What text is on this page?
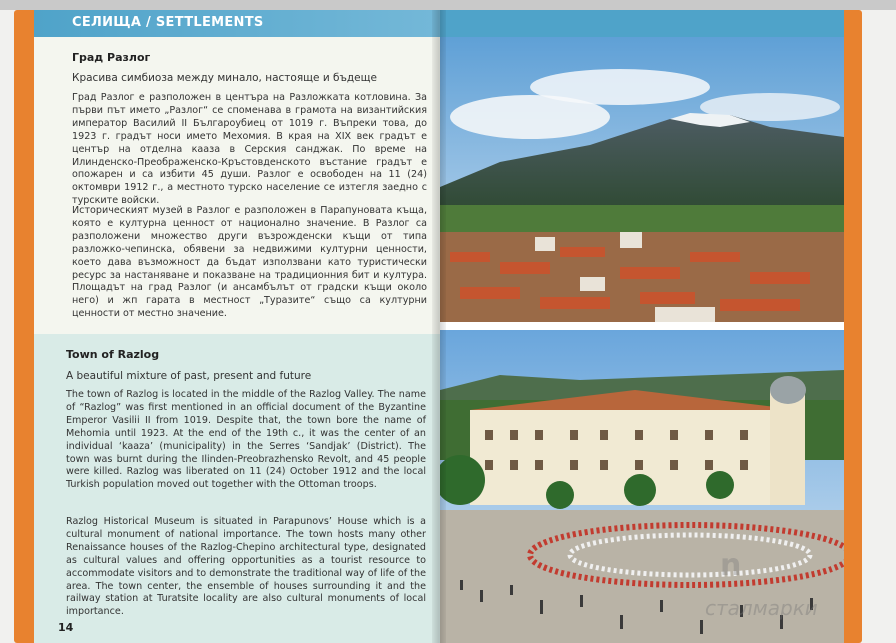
СЕЛИЩА / SETTLEMENTS
Град Разлог
Красива симбиоза между минало, настояще и бъдеще
Град Разлог е разположен в центъра на Разложката котловина. За първи път името „Разлог“ се споменава в грамота на византийския император Василий II Българоубиец от 1019 г. Въпреки това, до 1923 г. градът носи името Мехомия. В края на XIX век градът е център на отделна кааза в Серския санджак. По време на Илинденско-Преображенско-Кръстовденското въстание градът е опожарен и са избити 45 души. Разлог е освободен на 11 (24) октомври 1912 г., а местното турско население се изтегля заедно с турските войски.
Историческият музей в Разлог е разположен в Парапуновата къща, която е културна ценност от национално значение. В Разлог са разположени множество други възрожденски къщи от типа разложко-чепинска, обявени за недвижими културни ценности, което дава възможност да бъдат използвани като туристически ресурс за настаняване и показване на традиционния бит и култура. Площадът на град Разлог (и ансамбълът от градски къщи около него) и жп гарата в местност „Туразите“ също са културни ценности от местно значение.
Town of Razlog
A beautiful mixture of past, present and future
The town of Razlog is located in the middle of the Razlog Valley. The name of “Razlog” was first mentioned in an official document of the Byzantine Emperor Vasilii II from 1019. Despite that, the town bore the name of Mehomia until 1923. At the end of the 19th c., it was the center of an individual ‘kaaza’ (municipality) in the Serres ‘Sandjak’ (District). The town was burnt during the Ilinden-Preobrazhensko Revolt, and 45 people were killed. Razlog was liberated on 11 (24) October 1912 and the local Turkish population moved out together with the Ottoman troops.
Razlog Historical Museum is situated in Parapunovs’ House which is a cultural monument of national importance. The town hosts many other Renaissance houses of the Razlog-Chepino architectural type, designated as cultural values and offering opportunities as a tourist resource to accommodate visitors and to demonstrate the traditional way of life of the area. The town center, the ensemble of houses surrounding it and the railway station at Turatsite locality are also cultural monuments of local importance.
14
n
сталмарки
